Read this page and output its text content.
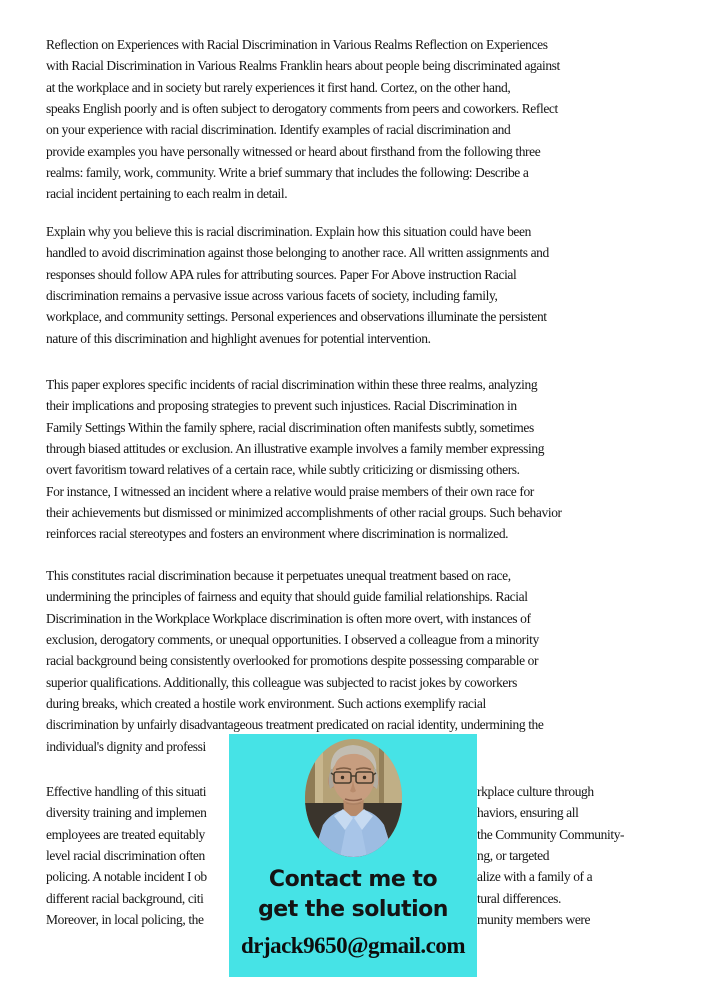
Reflection on Experiences with Racial Discrimination in Various Realms Reflection on Experiences
with Racial Discrimination in Various Realms Franklin hears about people being discriminated against
at the workplace and in society but rarely experiences it first hand. Cortez, on the other hand,
speaks English poorly and is often subject to derogatory comments from peers and coworkers. Reflect
on your experience with racial discrimination. Identify examples of racial discrimination and
provide examples you have personally witnessed or heard about firsthand from the following three
realms: family, work, community. Write a brief summary that includes the following: Describe a
racial incident pertaining to each realm in detail.
Explain why you believe this is racial discrimination. Explain how this situation could have been
handled to avoid discrimination against those belonging to another race. All written assignments and
responses should follow APA rules for attributing sources. Paper For Above instruction Racial
discrimination remains a pervasive issue across various facets of society, including family,
workplace, and community settings. Personal experiences and observations illuminate the persistent
nature of this discrimination and highlight avenues for potential intervention.
This paper explores specific incidents of racial discrimination within these three realms, analyzing
their implications and proposing strategies to prevent such injustices. Racial Discrimination in
Family Settings Within the family sphere, racial discrimination often manifests subtly, sometimes
through biased attitudes or exclusion. An illustrative example involves a family member expressing
overt favoritism toward relatives of a certain race, while subtly criticizing or dismissing others.
For instance, I witnessed an incident where a relative would praise members of their own race for
their achievements but dismissed or minimized accomplishments of other racial groups. Such behavior
reinforces racial stereotypes and fosters an environment where discrimination is normalized.
This constitutes racial discrimination because it perpetuates unequal treatment based on race,
undermining the principles of fairness and equity that should guide familial relationships. Racial
Discrimination in the Workplace Workplace discrimination is often more overt, with instances of
exclusion, derogatory comments, or unequal opportunities. I observed a colleague from a minority
racial background being consistently overlooked for promotions despite possessing comparable or
superior qualifications. Additionally, this colleague was subjected to racist jokes by coworkers
during breaks, which created a hostile work environment. Such actions exemplify racial
discrimination by unfairly disadvantageous treatment predicated on racial identity, undermining the
individual's dignity and professi
Effective handling of this situati	rkplace culture through
diversity training and implemen	haviors, ensuring all
employees are treated equitably	the Community Community-
level racial discrimination often	ng, or targeted
policing. A notable incident I ob	alize with a family of a
different racial background, citi	tural differences.
Moreover, in local policing, the	munity members were
Contact me to
get the solution
drjack9650@gmail.com
